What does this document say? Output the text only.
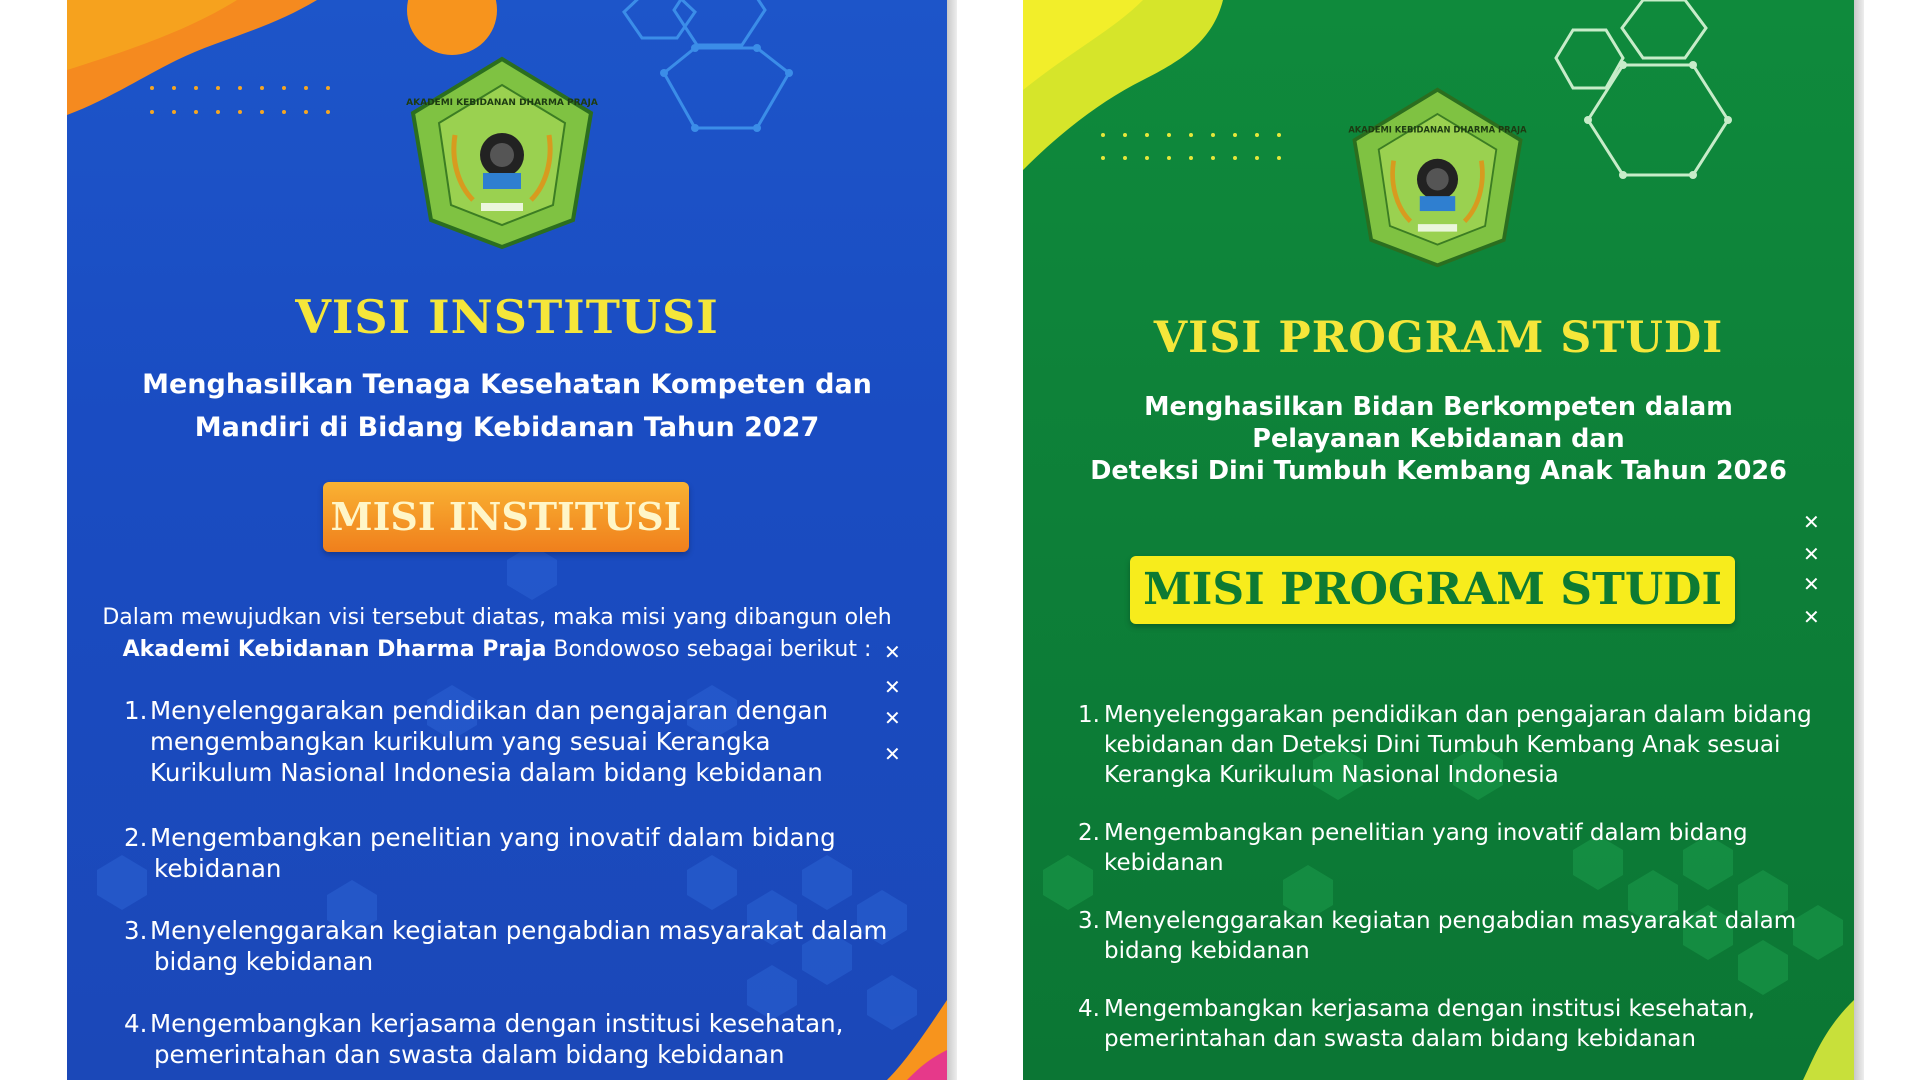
AKADEMI KEBIDANAN DHARMA PRAJA
VISI INSTITUSI
Menghasilkan Tenaga Kesehatan Kompeten dan
Mandiri di Bidang Kebidanan Tahun 2027
MISI INSTITUSI
Dalam mewujudkan visi tersebut diatas, maka misi yang dibangun oleh
Akademi Kebidanan Dharma Praja Bondowoso sebagai berikut : ✕
✕
✕
✕
1. Menyelenggarakan pendidikan dan pengajaran dengan
mengembangkan kurikulum yang sesuai Kerangka
Kurikulum Nasional Indonesia dalam bidang kebidanan
2. Mengembangkan penelitian yang inovatif dalam bidang
kebidanan
3. Menyelenggarakan kegiatan pengabdian masyarakat dalam
bidang kebidanan
4. Mengembangkan kerjasama dengan institusi kesehatan,
pemerintahan dan swasta dalam bidang kebidanan
AKADEMI KEBIDANAN DHARMA PRAJA
VISI PROGRAM STUDI
Menghasilkan Bidan Berkompeten dalam
Pelayanan Kebidanan dan
Deteksi Dini Tumbuh Kembang Anak Tahun 2026
✕
✕
✕
✕
MISI PROGRAM STUDI
1. Menyelenggarakan pendidikan dan pengajaran dalam bidang
kebidanan dan Deteksi Dini Tumbuh Kembang Anak sesuai
Kerangka Kurikulum Nasional Indonesia
2. Mengembangkan penelitian yang inovatif dalam bidang
kebidanan
3. Menyelenggarakan kegiatan pengabdian masyarakat dalam
bidang kebidanan
4. Mengembangkan kerjasama dengan institusi kesehatan,
pemerintahan dan swasta dalam bidang kebidanan
